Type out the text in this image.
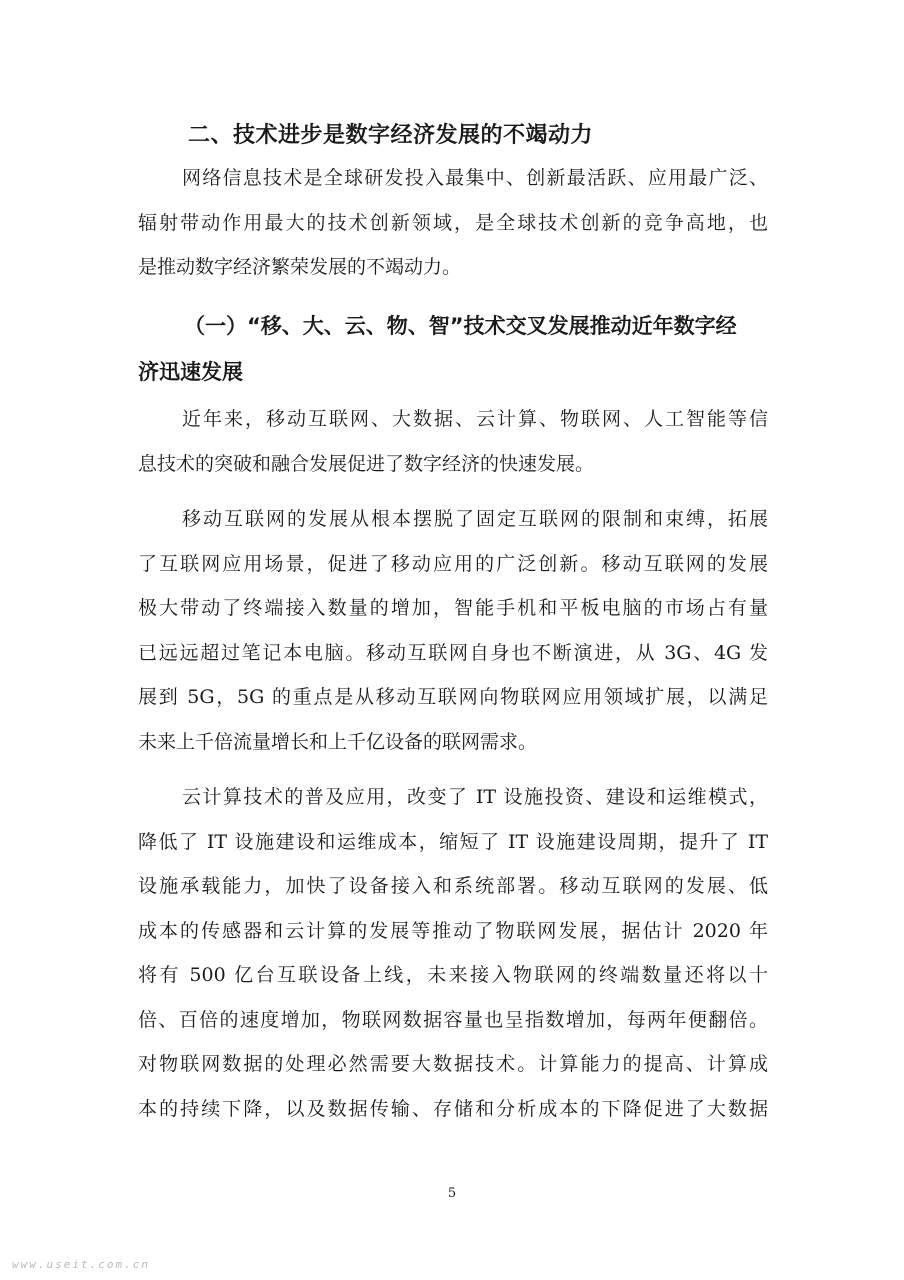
二、技术进步是数字经济发展的不竭动力
网络信息技术是全球研发投入最集中、创新最活跃、应用最广泛、
辐射带动作用最大的技术创新领域，是全球技术创新的竞争高地，也
是推动数字经济繁荣发展的不竭动力。
（一）“移、大、云、物、智”技术交叉发展推动近年数字经
济迅速发展
近年来，移动互联网、大数据、云计算、物联网、人工智能等信
息技术的突破和融合发展促进了数字经济的快速发展。
移动互联网的发展从根本摆脱了固定互联网的限制和束缚，拓展
了互联网应用场景，促进了移动应用的广泛创新。移动互联网的发展
极大带动了终端接入数量的增加，智能手机和平板电脑的市场占有量
已远远超过笔记本电脑。移动互联网自身也不断演进，从 3G、4G 发
展到 5G，5G 的重点是从移动互联网向物联网应用领域扩展，以满足
未来上千倍流量增长和上千亿设备的联网需求。
云计算技术的普及应用，改变了 IT 设施投资、建设和运维模式，
降低了 IT 设施建设和运维成本，缩短了 IT 设施建设周期，提升了 IT
设施承载能力，加快了设备接入和系统部署。移动互联网的发展、低
成本的传感器和云计算的发展等推动了物联网发展，据估计 2020 年
将有 500 亿台互联设备上线，未来接入物联网的终端数量还将以十
倍、百倍的速度增加，物联网数据容量也呈指数增加，每两年便翻倍。
对物联网数据的处理必然需要大数据技术。计算能力的提高、计算成
本的持续下降，以及数据传输、存储和分析成本的下降促进了大数据
5
www.useit.com.cn
